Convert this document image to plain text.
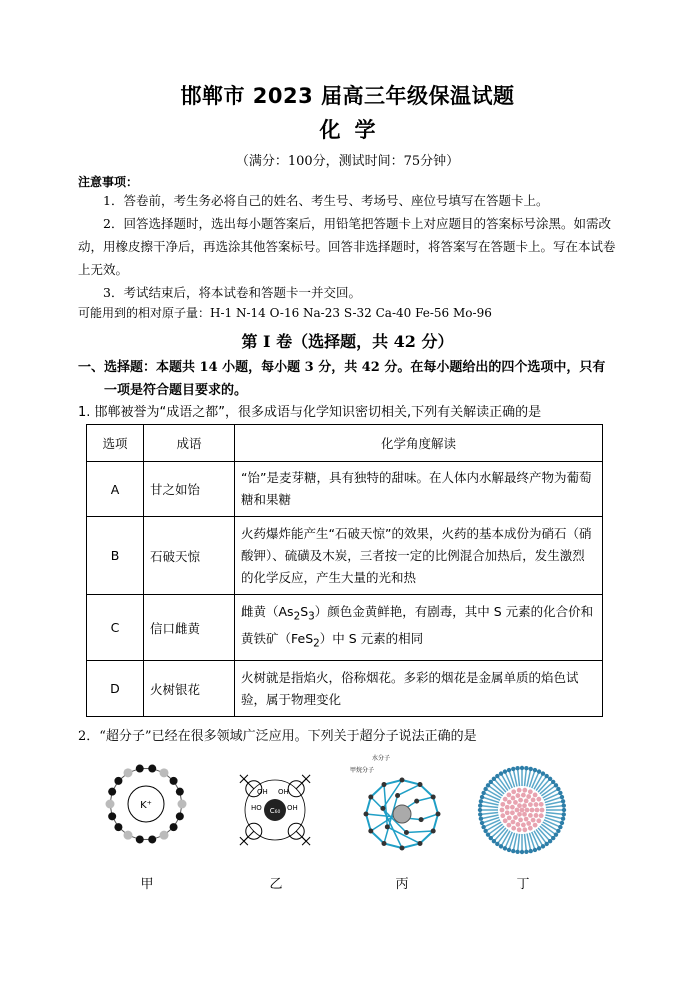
邯郸市 2023 届高三年级保温试题
化学
（满分：100分，测试时间：75分钟）
注意事项：
1．答卷前，考生务必将自己的姓名、考生号、考场号、座位号填写在答题卡上。
2．回答选择题时，选出每小题答案后，用铅笔把答题卡上对应题目的答案标号涂黑。如需改动，用橡皮擦干净后，再选涂其他答案标号。回答非选择题时，将答案写在答题卡上。写在本试卷上无效。
3．考试结束后，将本试卷和答题卡一并交回。
可能用到的相对原子量：H-1 N-14 O-16 Na-23 S-32 Ca-40 Fe-56 Mo-96
第 I 卷（选择题，共 42 分）
一、选择题：本题共 14 小题，每小题 3 分，共 42 分。在每小题给出的四个选项中，只有
一项是符合题目要求的。
1. 邯郸被誉为“成语之都”，很多成语与化学知识密切相关,下列有关解读正确的是
选项	成语	化学角度解读
A	甘之如饴	“饴”是麦芽糖，具有独特的甜味。在人体内水解最终产物为葡萄糖和果糖
B	石破天惊	火药爆炸能产生“石破天惊”的效果，火药的基本成份为硝石（硝酸钾）、硫磺及木炭，三者按一定的比例混合加热后，发生激烈的化学反应，产生大量的光和热
C	信口雌黄	雌黄$(As_2S_3)$颜色金黄鲜艳，有剧毒，其中 S 元素的化合价和黄铁矿（FeS$_2$）中 S 元素的相同
D	火树银花	火树就是指焰火，俗称烟花。多彩的烟花是金属单质的焰色试验，属于物理变化
2．“超分子”已经在很多领域广泛应用。下列关于超分子说法正确的是
K⁺
OH OH
HO	OH
C₆₀
水分子
甲烷分子
甲	乙	丙	丁
